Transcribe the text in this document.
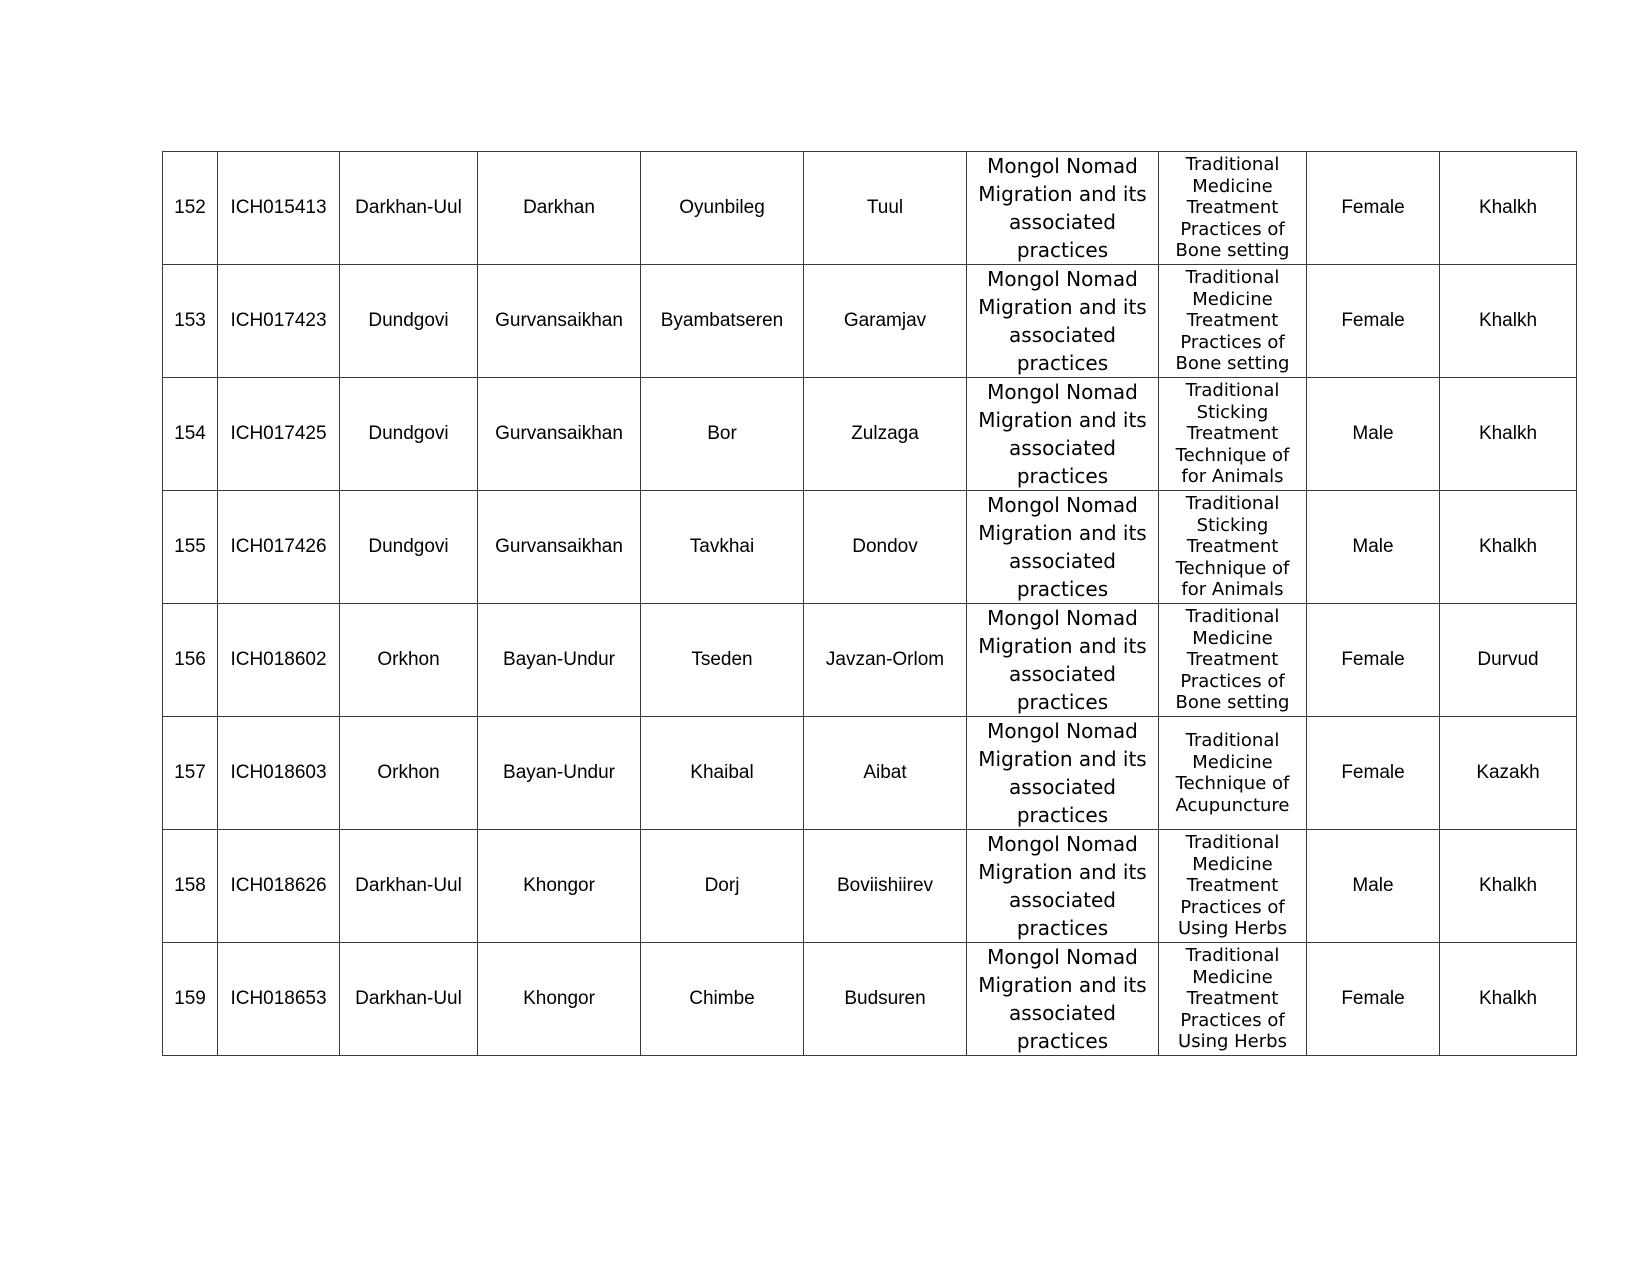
152	ICH015413	Darkhan-Uul	Darkhan	Oyunbileg	Tuul	Mongol Nomad Migration and its associated practices	Traditional Medicine Treatment Practices of Bone setting	Female	Khalkh
153	ICH017423	Dundgovi	Gurvansaikhan	Byambatseren	Garamjav	Mongol Nomad Migration and its associated practices	Traditional Medicine Treatment Practices of Bone setting	Female	Khalkh
154	ICH017425	Dundgovi	Gurvansaikhan	Bor	Zulzaga	Mongol Nomad Migration and its associated practices	Traditional Sticking Treatment Technique of for Animals	Male	Khalkh
155	ICH017426	Dundgovi	Gurvansaikhan	Tavkhai	Dondov	Mongol Nomad Migration and its associated practices	Traditional Sticking Treatment Technique of for Animals	Male	Khalkh
156	ICH018602	Orkhon	Bayan-Undur	Tseden	Javzan-Orlom	Mongol Nomad Migration and its associated practices	Traditional Medicine Treatment Practices of Bone setting	Female	Durvud
157	ICH018603	Orkhon	Bayan-Undur	Khaibal	Aibat	Mongol Nomad Migration and its associated practices	Traditional Medicine Technique of Acupuncture	Female	Kazakh
158	ICH018626	Darkhan-Uul	Khongor	Dorj	Boviishiirev	Mongol Nomad Migration and its associated practices	Traditional Medicine Treatment Practices of Using Herbs	Male	Khalkh
159	ICH018653	Darkhan-Uul	Khongor	Chimbe	Budsuren	Mongol Nomad Migration and its associated practices	Traditional Medicine Treatment Practices of Using Herbs	Female	Khalkh
